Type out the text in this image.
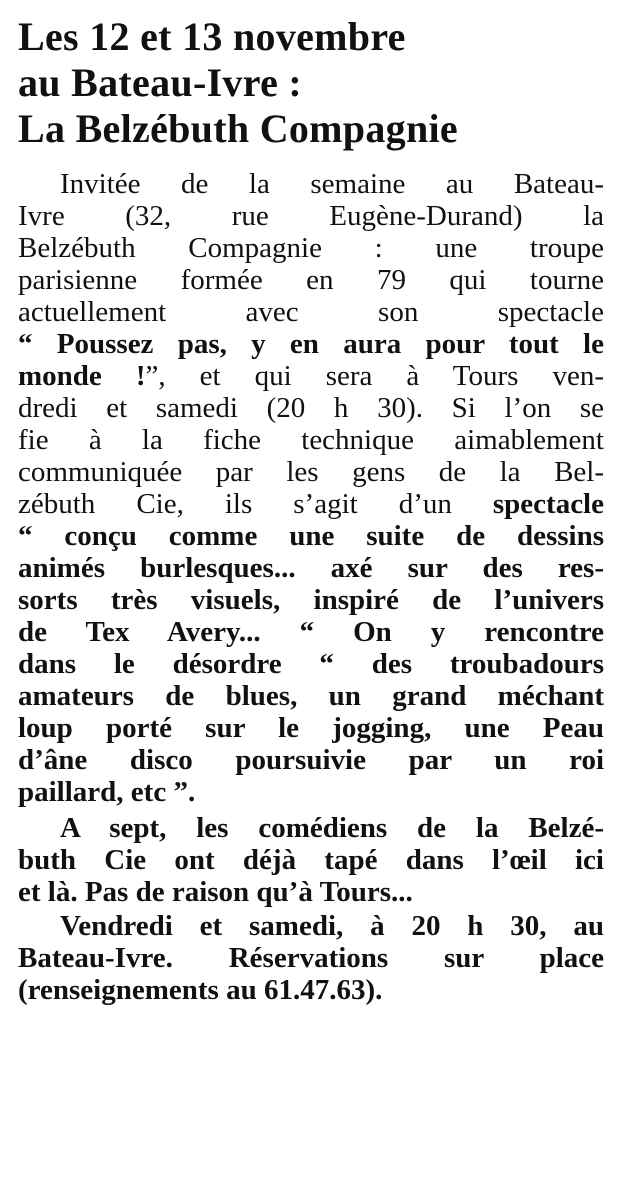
Les 12 et 13 novembre
au Bateau-Ivre :
La Belzébuth Compagnie
Invitée de la semaine au Bateau-
Ivre (32, rue Eugène-Durand) la
Belzébuth Compagnie : une troupe
parisienne formée en 79 qui tourne
actuellement avec son spectacle
“ Poussez pas, y en aura pour tout le
monde !”, et qui sera à Tours ven-
dredi et samedi (20 h 30). Si l’on se
fie à la fiche technique aimablement
communiquée par les gens de la Bel-
zébuth Cie, ils s’agit d’un spectacle
“ conçu comme une suite de dessins
animés burlesques... axé sur des res-
sorts très visuels, inspiré de l’univers
de Tex Avery... “ On y rencontre
dans le désordre “ des troubadours
amateurs de blues, un grand méchant
loup porté sur le jogging, une Peau
d’âne disco poursuivie par un roi
paillard, etc ”.
A sept, les comédiens de la Belzé-
buth Cie ont déjà tapé dans l’œil ici
et là. Pas de raison qu’à Tours...
Vendredi et samedi, à 20 h 30, au
Bateau-Ivre. Réservations sur place
(renseignements au 61.47.63).
